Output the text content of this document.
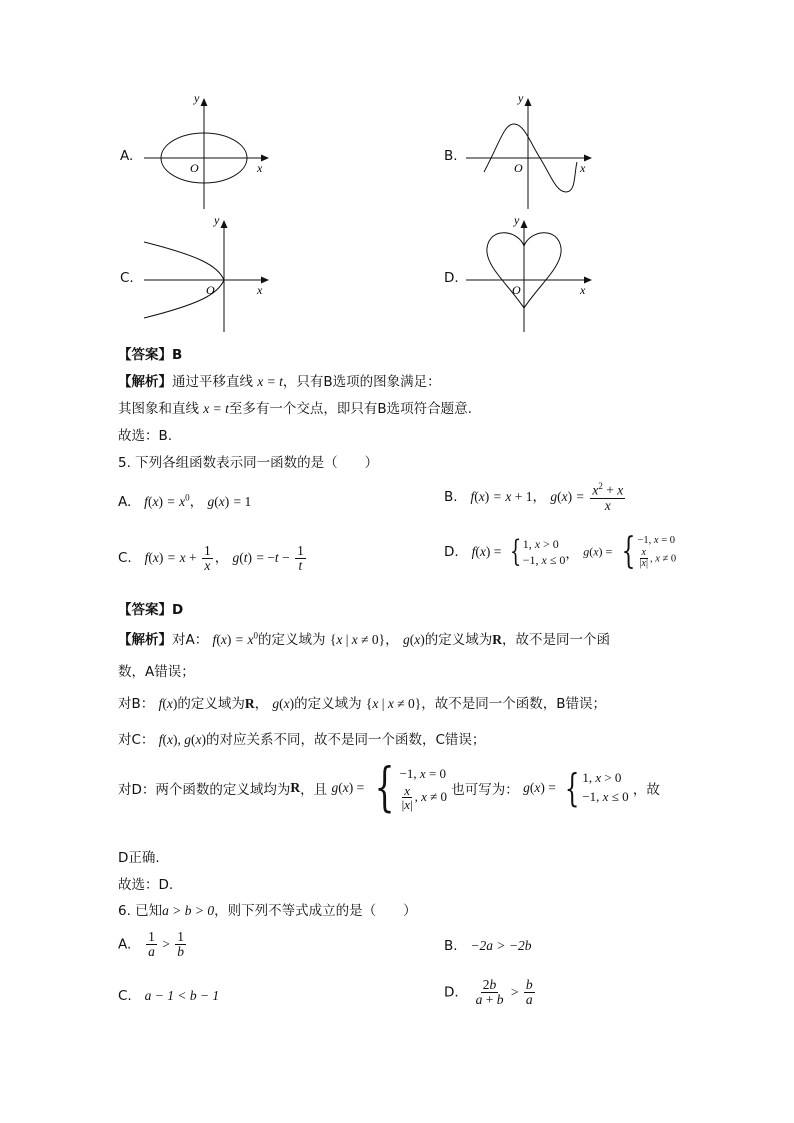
A.
y
x
O
B.
y
x
O
C.
y
x
O
D.
y
x
O
【答案】B
【解析】通过平移直线 x = t，只有B选项的图象满足：
其图象和直线 x = t至多有一个交点，即只有B选项符合题意.
故选：B.
5. 下列各组函数表示同一函数的是（　　）
A. $f(x) = x^0$， g(x) = 1	B. f(x) = x + 1， $g(x) = \frac{x^2 + x}{x}$
C. $f(x) = x + \frac{1}{x}$ ， $g(t) = -t - \frac{1}{t}$	D. f(x) = { 1, x > 0
−1, x ≤ 0 ， g(x) = { −1, x = 0
$\frac{x}{|x|}$ , x ≠ 0
【答案】D
【解析】对A： $f(x) = x^0$的定义域为 {x | x ≠ 0}， g(x)的定义域为R，故不是同一个函
数，A错误；
对B： f(x)的定义域为R， g(x)的定义域为 {x | x ≠ 0}，故不是同一个函数，B错误；
对C： f(x), g(x)的对应关系不同，故不是同一个函数，C错误；
对D：两个函数的定义域均为R，且 g(x) = { −1, x = 0
$\frac{x}{|x|}$ , x ≠ 0 也可写为： g(x) = { 1, x > 0
−1, x ≤ 0 ，故
D正确.
故选：D.
6. 已知a > b > 0，则下列不等式成立的是（　　）
A. $\frac{1}{a} > \frac{1}{b}$	B. −2a > −2b
C. a − 1 < b − 1	D. $\frac{2b}{a + b} > \frac{b}{a}$
